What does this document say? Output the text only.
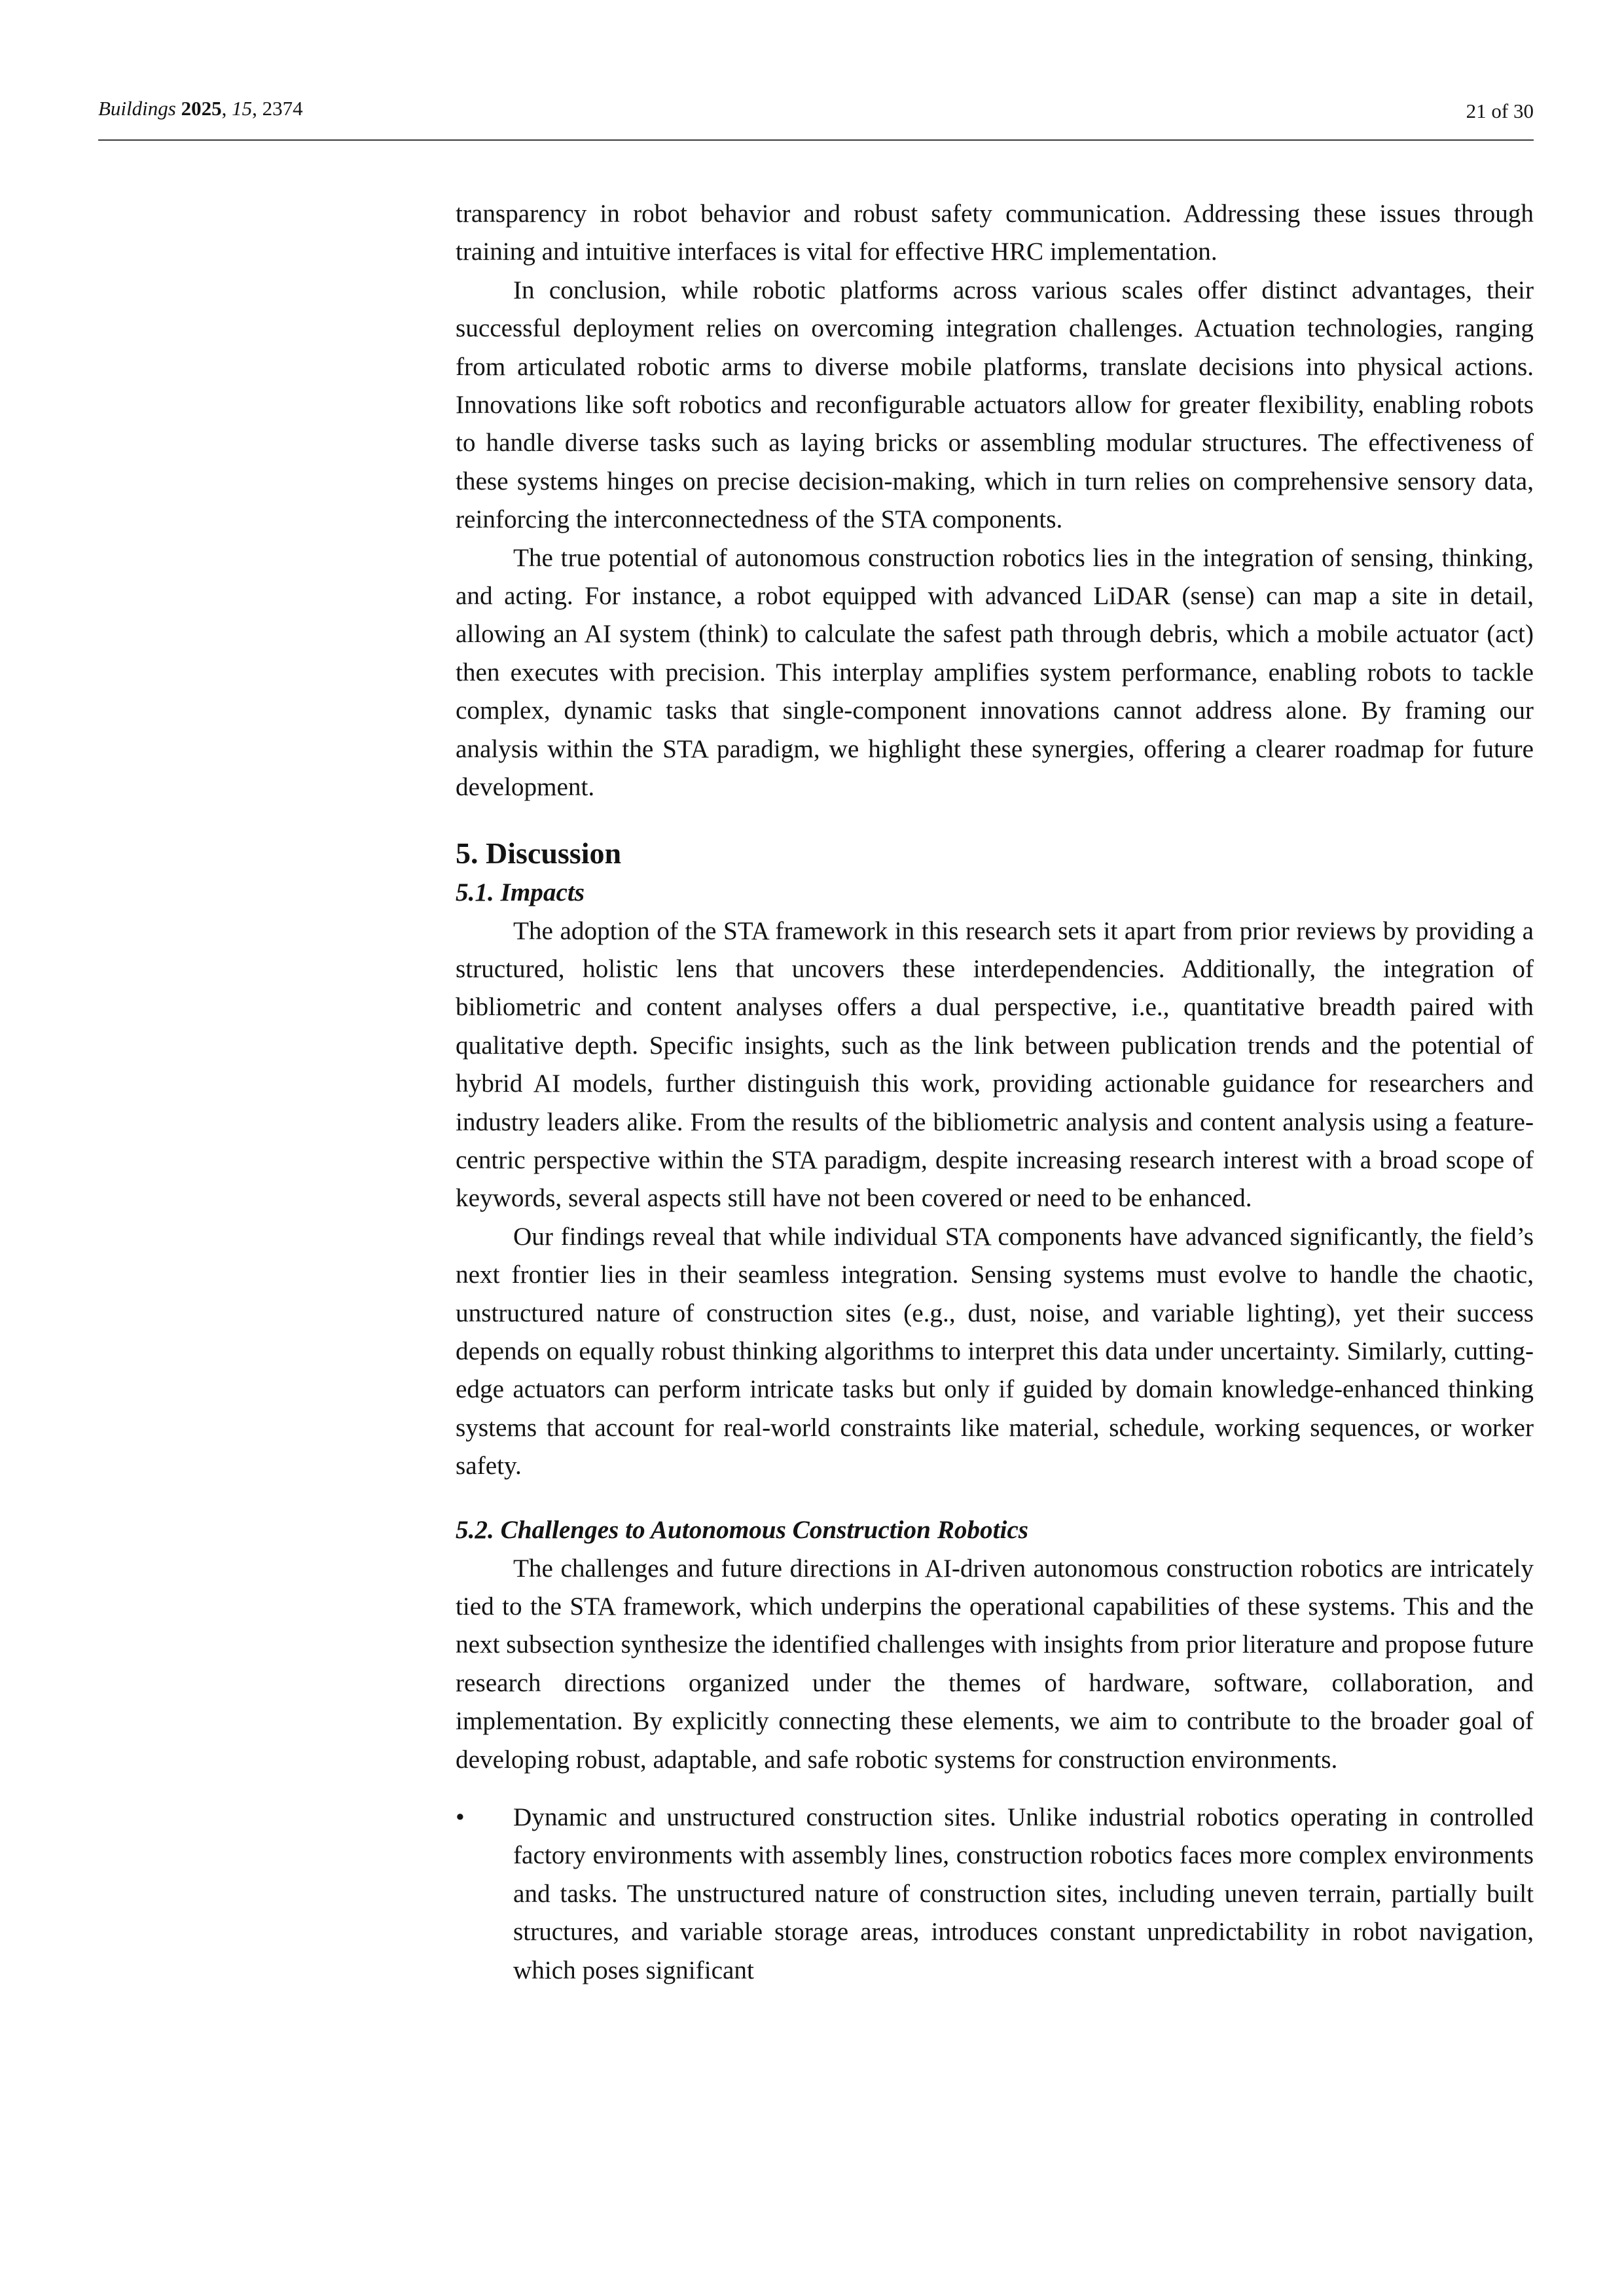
Buildings 2025, 15, 2374	21 of 30

transparency in robot behavior and robust safety communication. Addressing these issues through training and intuitive interfaces is vital for effective HRC implementation.

In conclusion, while robotic platforms across various scales offer distinct advantages, their successful deployment relies on overcoming integration challenges. Actuation technologies, ranging from articulated robotic arms to diverse mobile platforms, translate decisions into physical actions. Innovations like soft robotics and reconfigurable actuators allow for greater flexibility, enabling robots to handle diverse tasks such as laying bricks or assembling modular structures. The effectiveness of these systems hinges on precise decision-making, which in turn relies on comprehensive sensory data, reinforcing the interconnectedness of the STA components.

The true potential of autonomous construction robotics lies in the integration of sensing, thinking, and acting. For instance, a robot equipped with advanced LiDAR (sense) can map a site in detail, allowing an AI system (think) to calculate the safest path through debris, which a mobile actuator (act) then executes with precision. This interplay amplifies system performance, enabling robots to tackle complex, dynamic tasks that single-component innovations cannot address alone. By framing our analysis within the STA paradigm, we highlight these synergies, offering a clearer roadmap for future development.

5. Discussion
5.1. Impacts

The adoption of the STA framework in this research sets it apart from prior reviews by providing a structured, holistic lens that uncovers these interdependencies. Additionally, the integration of bibliometric and content analyses offers a dual perspective, i.e., quantitative breadth paired with qualitative depth. Specific insights, such as the link between publication trends and the potential of hybrid AI models, further distinguish this work, providing actionable guidance for researchers and industry leaders alike. From the results of the bibliometric analysis and content analysis using a feature-centric perspective within the STA paradigm, despite increasing research interest with a broad scope of keywords, several aspects still have not been covered or need to be enhanced.

Our findings reveal that while individual STA components have advanced significantly, the field’s next frontier lies in their seamless integration. Sensing systems must evolve to handle the chaotic, unstructured nature of construction sites (e.g., dust, noise, and variable lighting), yet their success depends on equally robust thinking algorithms to interpret this data under uncertainty. Similarly, cutting-edge actuators can perform intricate tasks but only if guided by domain knowledge-enhanced thinking systems that account for real-world constraints like material, schedule, working sequences, or worker safety.

5.2. Challenges to Autonomous Construction Robotics

The challenges and future directions in AI-driven autonomous construction robotics are intricately tied to the STA framework, which underpins the operational capabilities of these systems. This and the next subsection synthesize the identified challenges with insights from prior literature and propose future research directions organized under the themes of hardware, software, collaboration, and implementation. By explicitly connecting these elements, we aim to contribute to the broader goal of developing robust, adaptable, and safe robotic systems for construction environments.

• Dynamic and unstructured construction sites. Unlike industrial robotics operating in controlled factory environments with assembly lines, construction robotics faces more complex environments and tasks. The unstructured nature of construction sites, including uneven terrain, partially built structures, and variable storage areas, introduces constant unpredictability in robot navigation, which poses significant
